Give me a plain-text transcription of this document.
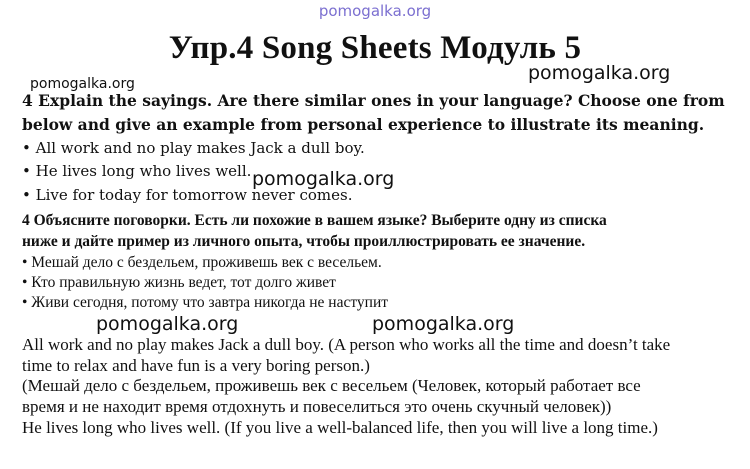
pomogalka.org
Упр.4 Song Sheets Модуль 5
pomogalka.org	pomogalka.org
4 Explain the sayings. Are there similar ones in your language? Choose one from
below and give an example from personal experience to illustrate its meaning.
• All work and no play makes Jack a dull boy.
• He lives long who lives well.
• Live for today for tomorrow never comes.
pomogalka.org
4 Объясните поговорки. Есть ли похожие в вашем языке? Выберите одну из списка
ниже и дайте пример из личного опыта, чтобы проиллюстрировать ее значение.
• Мешай дело с бездельем, проживешь век с весельем.
• Кто правильную жизнь ведет, тот долго живет
• Живи сегодня, потому что завтра никогда не наступит
pomogalka.org	pomogalka.org
All work and no play makes Jack a dull boy. (A person who works all the time and doesn’t take
time to relax and have fun is a very boring person.)
(Мешай дело с бездельем, проживешь век с весельем (Человек, который работает все
время и не находит время отдохнуть и повеселиться это очень скучный человек))
He lives long who lives well. (If you live a well-balanced life, then you will live a long time.)
